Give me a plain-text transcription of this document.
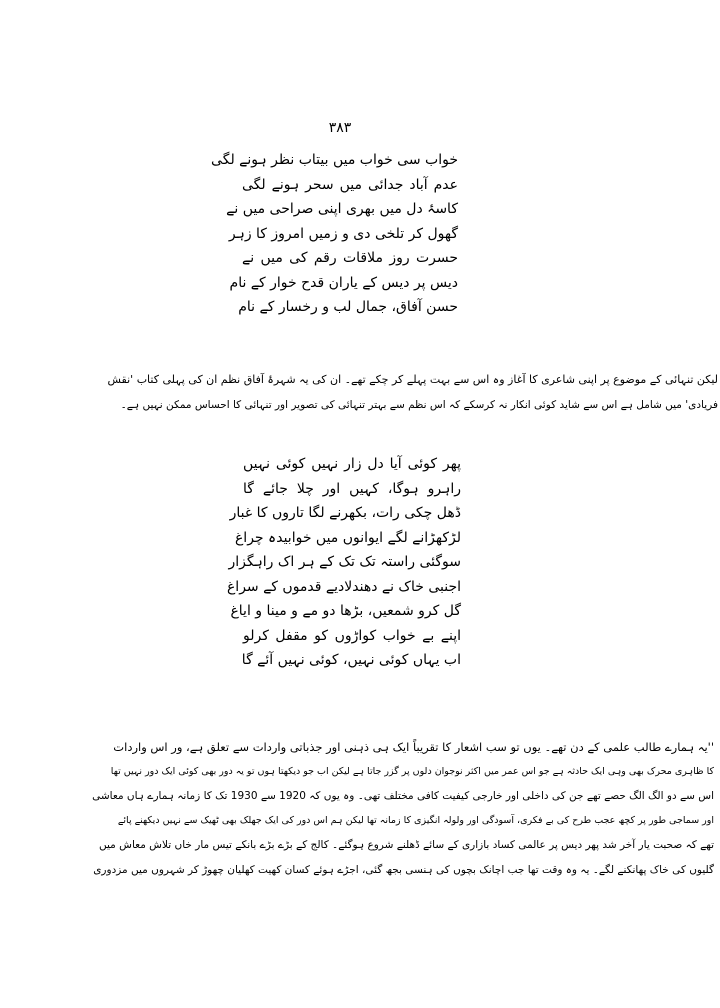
۳۸۳
خواب سی خواب میں بیتاب نظر ہونے لگی
عدم آباد جدائی میں سحر ہونے لگی
کاسۂ دل میں بھری اپنی صراحی میں نے
گھول کر تلخی دی و زمیں امروز کا زہر
حسرت روز ملاقات رقم کی میں نے
دیس پر دیس کے یاران قدح خوار کے نام
حسن آفاق، جمال لب و رخسار کے نام
لیکن تنہائی کے موضوع پر اپنی شاعری کا آغاز وہ اس سے بہت پہلے کر چکے تھے۔ ان کی یہ شہرۂ آفاق نظم ان کی پہلی کتاب 'نقش
فریادی' میں شامل ہے اس سے شاید کوئی انکار نہ کرسکے کہ اس نظم سے بہتر تنہائی کی تصویر اور تنہائی کا احساس ممکن نہیں ہے۔
پھر کوئی آیا دل زار نہیں کوئی نہیں
راہرو ہوگا، کہیں اور چلا جائے گا
ڈھل چکی رات، بکھرنے لگا تاروں کا غبار
لڑکھڑانے لگے ایوانوں میں خوابیدہ چراغ
سوگئی راستہ تک تک کے ہر اک راہگزار
اجنبی خاک نے دھندلادیے قدموں کے سراغ
گل کرو شمعیں، بڑھا دو مے و مینا و ایاغ
اپنے بے خواب کواڑوں کو مقفل کرلو
اب یہاں کوئی نہیں، کوئی نہیں آئے گا
''یہ ہمارے طالب علمی کے دن تھے۔ یوں تو سب اشعار کا تقریباً ایک ہی ذہنی اور جذباتی واردات سے تعلق ہے، ور اس واردات
کا ظاہری محرک بھی وہی ایک حادثہ ہے جو اس عمر میں اکثر نوجوان دلوں پر گزر جاتا ہے لیکن اب جو دیکھتا ہوں تو یہ دور بھی کوئی ایک دور نہیں تھا
اس سے دو الگ الگ حصے تھے جن کی داخلی اور خارجی کیفیت کافی مختلف تھی۔ وہ یوں کہ 1920 سے 1930 تک کا زمانہ ہمارے ہاں معاشی
اور سماجی طور پر کچھ عجب طرح کی بے فکری، آسودگی اور ولولہ انگیزی کا زمانہ تھا لیکن ہم اس دور کی ایک جھلک بھی ٹھیک سے نہیں دیکھنے پائے
تھے کہ صحبت یار آخر شد پھر دیس پر عالمی کساد بازاری کے سائے ڈھلنے شروع ہوگئے۔ کالج کے بڑے بڑے بانکے تیس مار خاں تلاش معاش میں
گلیوں کی خاک پھانکنے لگے۔ یہ وہ وقت تھا جب اچانک بچوں کی ہنسی بجھ گئی، اجڑے ہوئے کسان کھیت کھلیان چھوڑ کر شہروں میں مزدوری
